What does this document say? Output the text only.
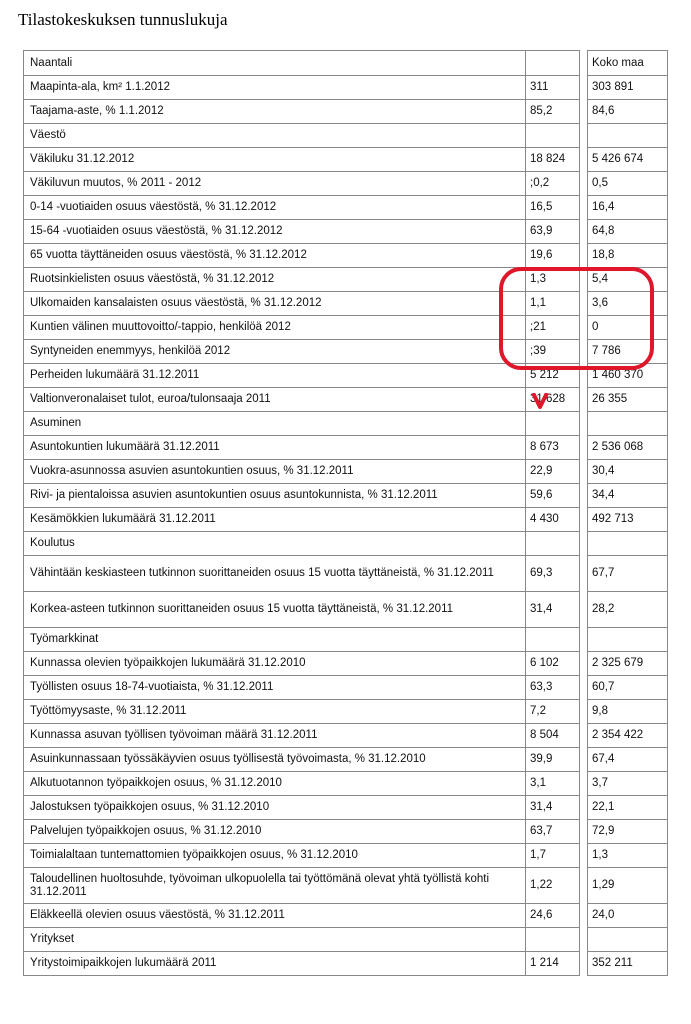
Tilastokeskuksen tunnuslukuja
Naantali			Koko maa
Maapinta-ala, km² 1.1.2012	311		303 891
Taajama-aste, % 1.1.2012	85,2		84,6
Väestö			
Väkiluku 31.12.2012	18 824		5 426 674
Väkiluvun muutos, % 2011 - 2012	;0,2		0,5
0-14 -vuotiaiden osuus väestöstä, % 31.12.2012	16,5		16,4
15-64 -vuotiaiden osuus väestöstä, % 31.12.2012	63,9		64,8
65 vuotta täyttäneiden osuus väestöstä, % 31.12.2012	19,6		18,8
Ruotsinkielisten osuus väestöstä, % 31.12.2012	1,3		5,4
Ulkomaiden kansalaisten osuus väestöstä, % 31.12.2012	1,1		3,6
Kuntien välinen muuttovoitto/-tappio, henkilöä 2012	;21		0
Syntyneiden enemmyys, henkilöä 2012	;39		7 786
Perheiden lukumäärä 31.12.2011	5 212		1 460 370
Valtionveronalaiset tulot, euroa/tulonsaaja 2011	31 628		26 355
Asuminen			
Asuntokuntien lukumäärä 31.12.2011	8 673		2 536 068
Vuokra-asunnossa asuvien asuntokuntien osuus, % 31.12.2011	22,9		30,4
Rivi- ja pientaloissa asuvien asuntokuntien osuus asuntokunnista, % 31.12.2011	59,6		34,4
Kesämökkien lukumäärä 31.12.2011	4 430		492 713
Koulutus			
Vähintään keskiasteen tutkinnon suorittaneiden osuus 15 vuotta täyttäneistä, % 31.12.2011	69,3		67,7
Korkea-asteen tutkinnon suorittaneiden osuus 15 vuotta täyttäneistä, % 31.12.2011	31,4		28,2
Työmarkkinat			
Kunnassa olevien työpaikkojen lukumäärä 31.12.2010	6 102		2 325 679
Työllisten osuus 18-74-vuotiaista, % 31.12.2011	63,3		60,7
Työttömyysaste, % 31.12.2011	7,2		9,8
Kunnassa asuvan työllisen työvoiman määrä 31.12.2011	8 504		2 354 422
Asuinkunnassaan työssäkäyvien osuus työllisestä työvoimasta, % 31.12.2010	39,9		67,4
Alkutuotannon työpaikkojen osuus, % 31.12.2010	3,1		3,7
Jalostuksen työpaikkojen osuus, % 31.12.2010	31,4		22,1
Palvelujen työpaikkojen osuus, % 31.12.2010	63,7		72,9
Toimialaltaan tuntemattomien työpaikkojen osuus, % 31.12.2010	1,7		1,3
Taloudellinen huoltosuhde, työvoiman ulkopuolella tai työttömänä olevat yhtä työllistä kohti 31.12.2011	1,22		1,29
Eläkkeellä olevien osuus väestöstä, % 31.12.2011	24,6		24,0
Yritykset			
Yritystoimipaikkojen lukumäärä 2011	1 214		352 211
